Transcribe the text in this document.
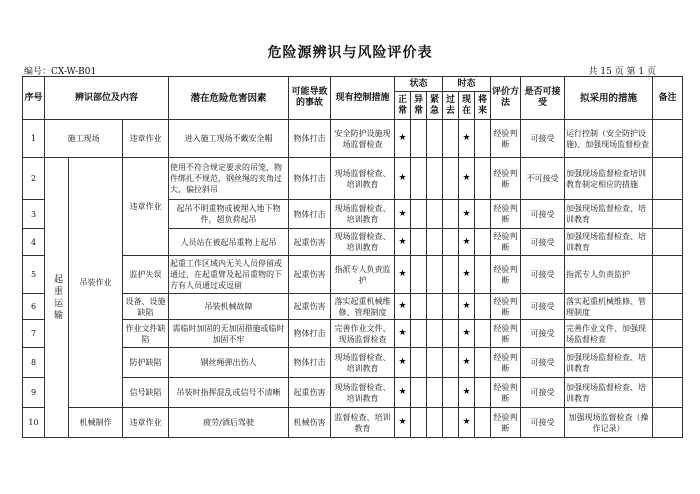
危险源辨识与风险评价表
编号：CX-W-B01	共 15 页 第 1 页
序号	辨识部位及内容			潜在危险危害因素	可能导致的事故	现有控制措施	状态			时态			评价方法	是否可接受	拟采用的措施	备注
							正常	异常	紧急	过去	现在	将来				
1	施工现场		违章作业	进入施工现场不戴安全帽	物体打击	安全防护设施现场监督检查	★				★		经验判断	可接受	运行控制（安全防护设施)、加强现场监督检查	
2	起重运输	吊装作业	违章作业	使用不符合规定要求的吊笼，物件绑扎不规范，钢丝绳的夹角过大，偏拉斜吊	物体打击	现场监督检查、培训教育	★				★		经验判断	不可接受	加强现场监督检查培训教育制定相应的措施	
3				起吊不明重物或被埋入地下物件，超负荷起吊	物体打击	现场监督检查、培训教育	★				★		经验判断	可接受	加强现场监督检查、培训教育	
4				人员站在被起吊重物上起吊	起重伤害	现场监督检查、培训教育	★				★		经验判断	可接受	加强现场监督检查、培训教育	
5			监护失误	起重工作区域内无关人员停留或通过，在起重臂及起吊重物的下方有人员通过或逗留	起重伤害	指派专人负责监护	★				★		经验判断	可接受	指派专人负责监护	
6			设备、设施缺陷	吊装机械故障	起重伤害	落实起重机械维修、管理制度	★				★		经验判断	可接受	落实起重机械维修、管理制度	
7			作业文件缺陷	需临时加固的无加固措施或临时加固不牢	物体打击	完善作业文件、现场监督检查	★				★		经验判断	可接受	完善作业文件、加强现场监督检查	
8			防护缺陷	钢丝绳弹出伤人	物体打击	现场监督检查、培训教育	★				★		经验判断	可接受	加强现场监督检查、培训教育	
9			信号缺陷	吊装时指挥混乱或信号不清晰	起重伤害	现场监督检查、培训教育	★				★		经验判断	可接受	加强现场监督检查、培训教育	
10		机械制作	违章作业	疲劳/酒后驾驶	机械伤害	监督检查、培训教育	★				★		经验判断	可接受	加强现场监督检查（操作记录）	
